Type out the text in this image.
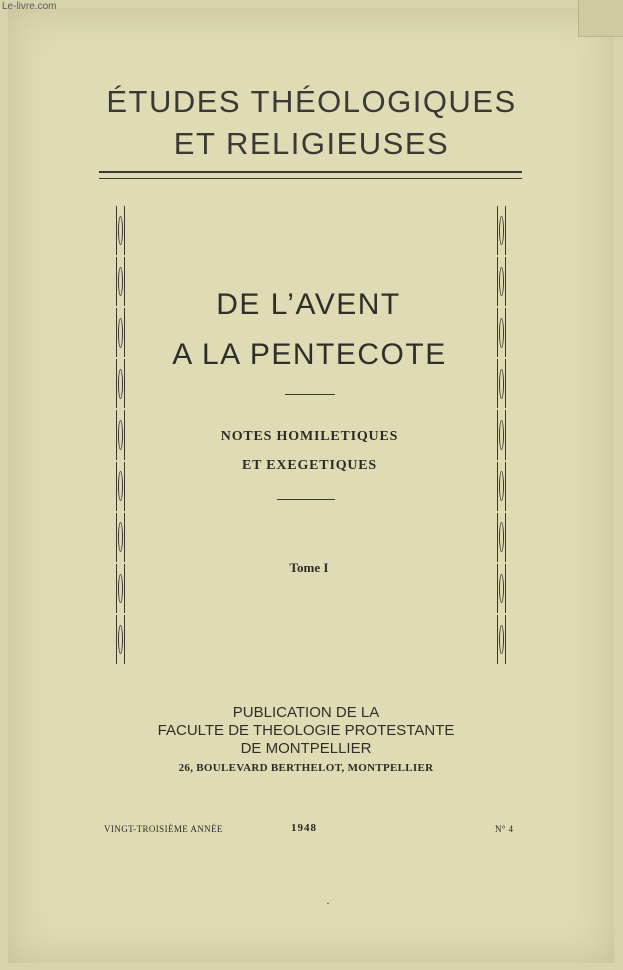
Le-livre.com
ÉTUDES THÉOLOGIQUES
ET RELIGIEUSES
DE L’AVENT
A LA PENTECOTE
NOTES HOMILETIQUES
ET EXEGETIQUES
Tome I
PUBLICATION DE LA
FACULTE DE THEOLOGIE PROTESTANTE
DE MONTPELLIER
26, BOULEVARD BERTHELOT, MONTPELLIER
VINGT-TROISIÈME ANNÉE	1948	N° 4
·
